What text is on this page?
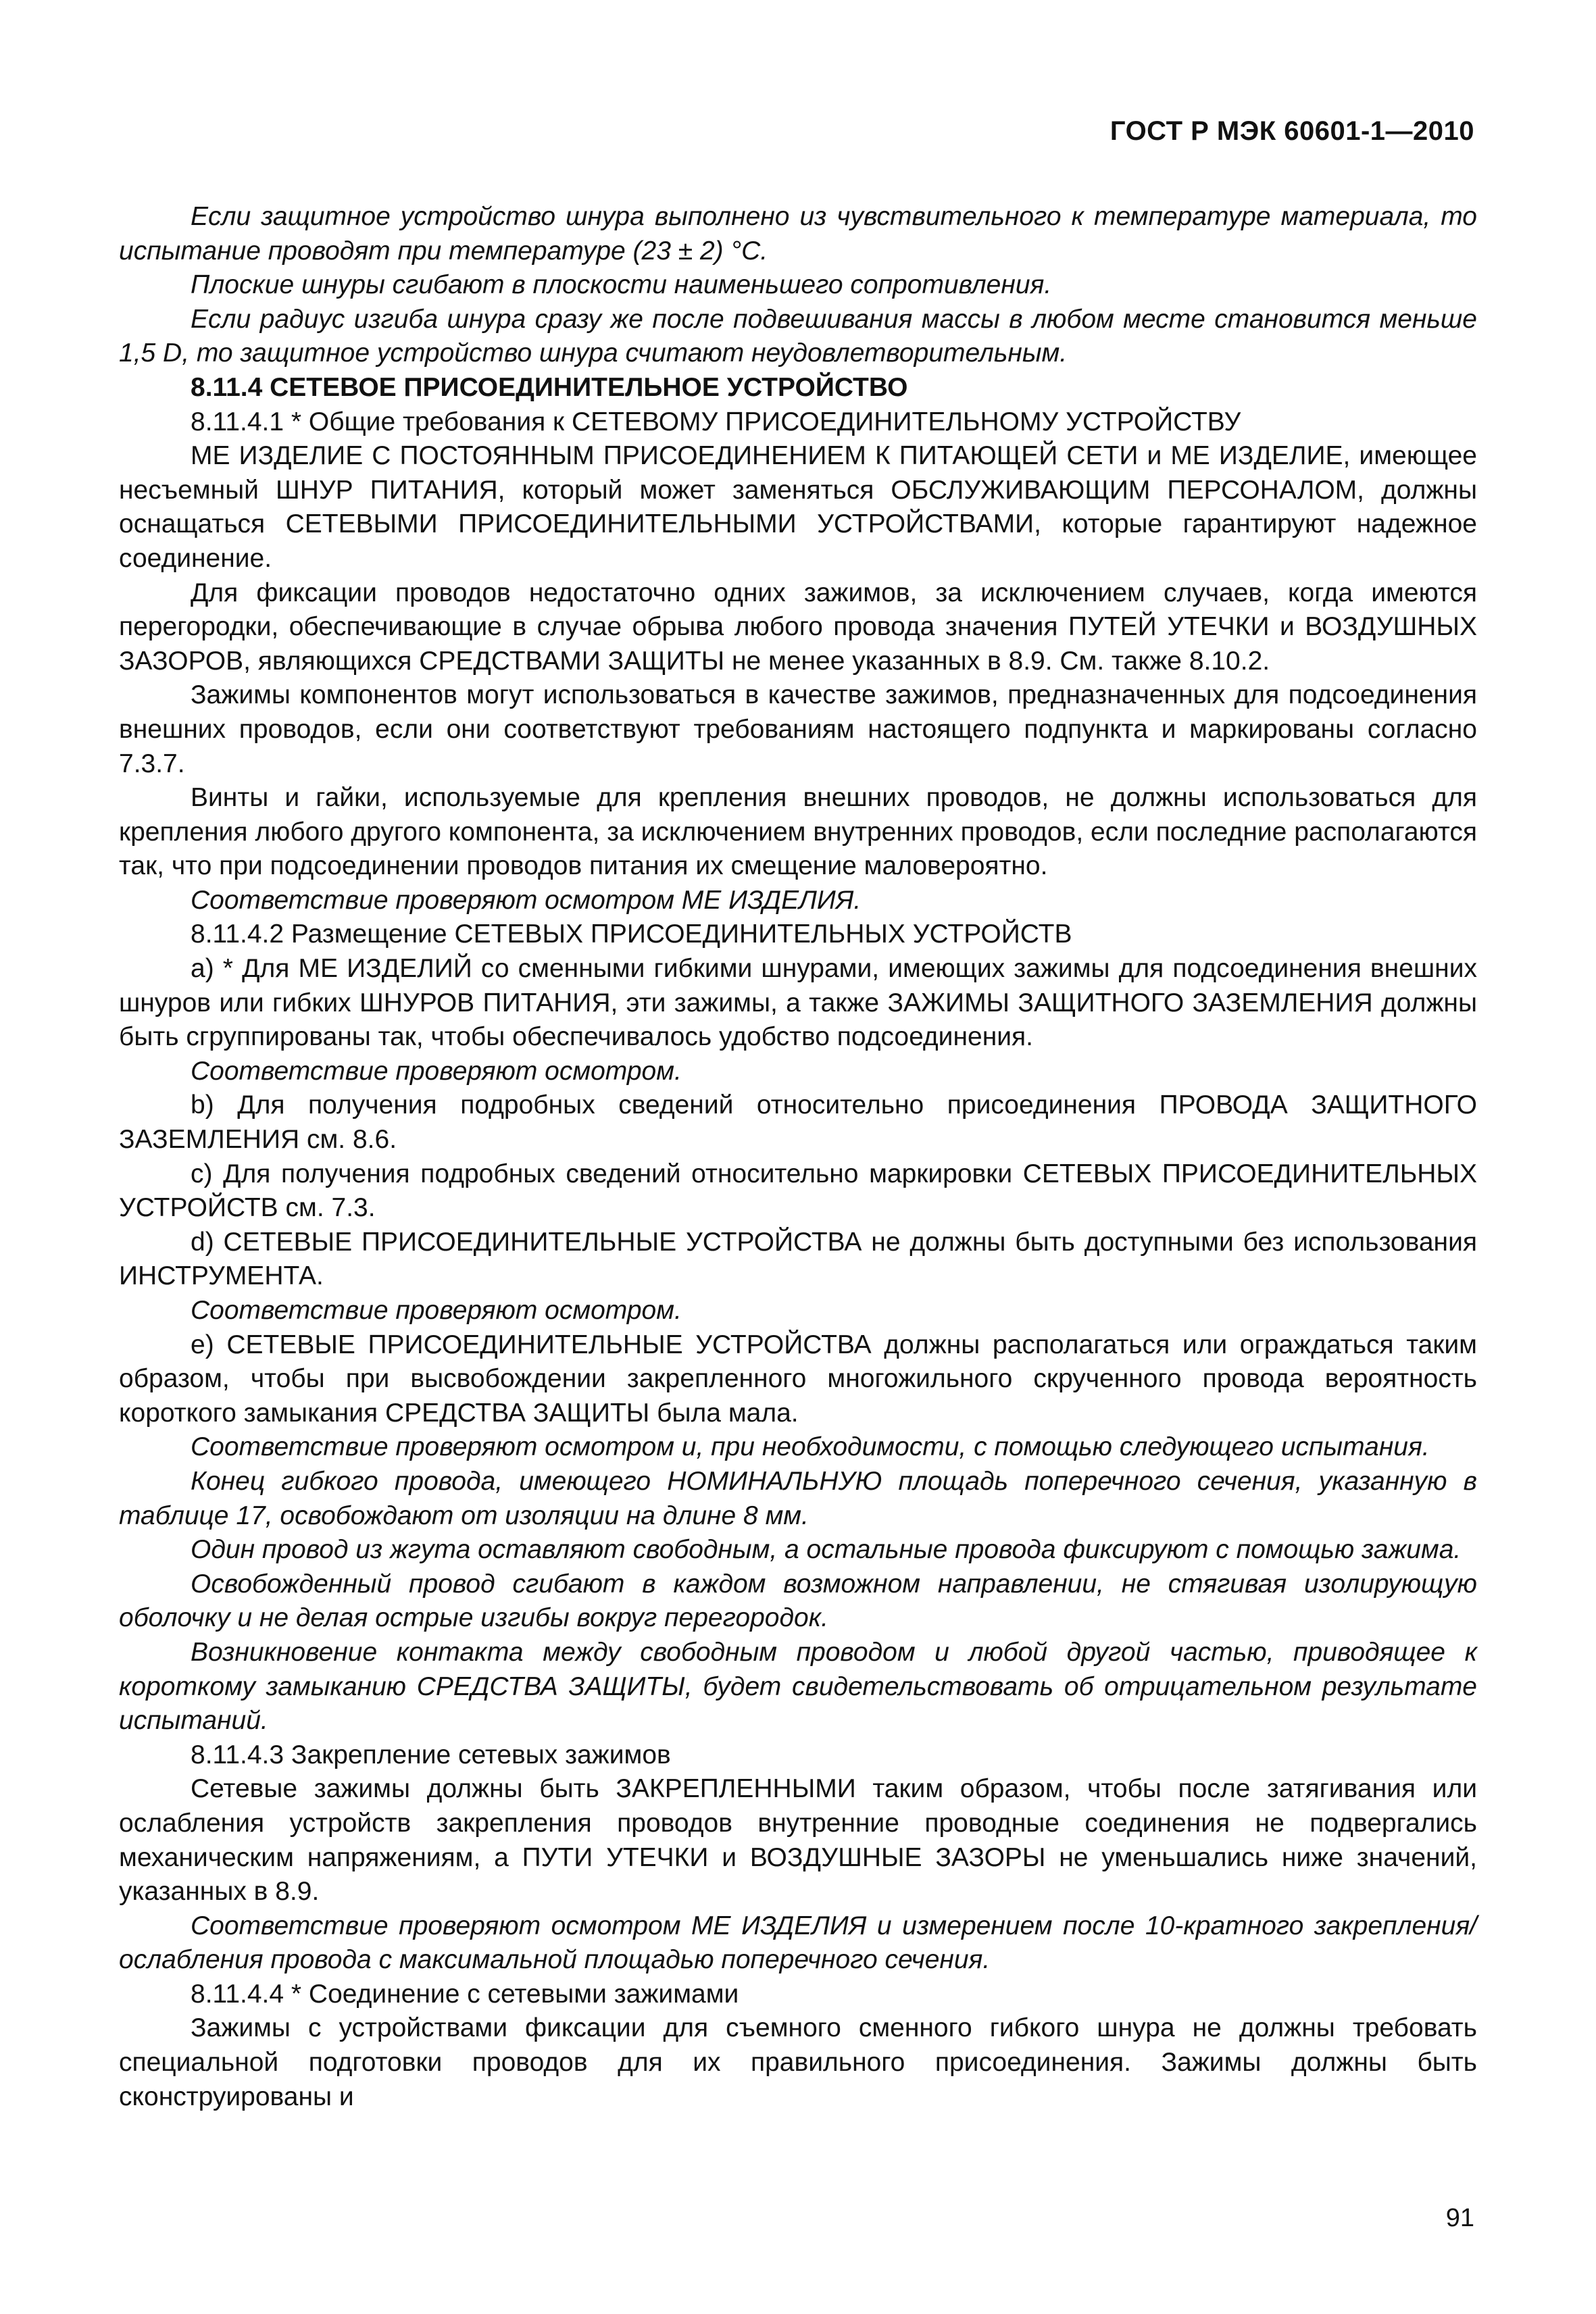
ГОСТ Р МЭК 60601-1—2010

Если защитное устройство шнура выполнено из чувствительного к температуре материала, то испытание проводят при температуре (23 ± 2) °С.

Плоские шнуры сгибают в плоскости наименьшего сопротивления.

Если радиус изгиба шнура сразу же после подвешивания массы в любом месте становится меньше 1,5 D, то защитное устройство шнура считают неудовлетворительным.

8.11.4 СЕТЕВОЕ ПРИСОЕДИНИТЕЛЬНОЕ УСТРОЙСТВО

8.11.4.1 * Общие требования к СЕТЕВОМУ ПРИСОЕДИНИТЕЛЬНОМУ УСТРОЙСТВУ

МЕ ИЗДЕЛИЕ С ПОСТОЯННЫМ ПРИСОЕДИНЕНИЕМ К ПИТАЮЩЕЙ СЕТИ и МЕ ИЗДЕЛИЕ, имеющее несъемный ШНУР ПИТАНИЯ, который может заменяться ОБСЛУЖИВАЮЩИМ ПЕРСОНАЛОМ, должны оснащаться СЕТЕВЫМИ ПРИСОЕДИНИТЕЛЬНЫМИ УСТРОЙСТВАМИ, которые гарантируют надежное соединение.

Для фиксации проводов недостаточно одних зажимов, за исключением случаев, когда имеются перегородки, обеспечивающие в случае обрыва любого провода значения ПУТЕЙ УТЕЧКИ и ВОЗДУШНЫХ ЗАЗОРОВ, являющихся СРЕДСТВАМИ ЗАЩИТЫ не менее указанных в 8.9. См. также 8.10.2.

Зажимы компонентов могут использоваться в качестве зажимов, предназначенных для подсоединения внешних проводов, если они соответствуют требованиям настоящего подпункта и маркированы согласно 7.3.7.

Винты и гайки, используемые для крепления внешних проводов, не должны использоваться для крепления любого другого компонента, за исключением внутренних проводов, если последние располагаются так, что при подсоединении проводов питания их смещение маловероятно.

Соответствие проверяют осмотром МЕ ИЗДЕЛИЯ.

8.11.4.2 Размещение СЕТЕВЫХ ПРИСОЕДИНИТЕЛЬНЫХ УСТРОЙСТВ

a) * Для МЕ ИЗДЕЛИЙ со сменными гибкими шнурами, имеющих зажимы для подсоединения внешних шнуров или гибких ШНУРОВ ПИТАНИЯ, эти зажимы, а также ЗАЖИМЫ ЗАЩИТНОГО ЗАЗЕМЛЕНИЯ должны быть сгруппированы так, чтобы обеспечивалось удобство подсоединения.

Соответствие проверяют осмотром.

b) Для получения подробных сведений относительно присоединения ПРОВОДА ЗАЩИТНОГО ЗАЗЕМЛЕНИЯ см. 8.6.

c) Для получения подробных сведений относительно маркировки СЕТЕВЫХ ПРИСОЕДИНИТЕЛЬНЫХ УСТРОЙСТВ см. 7.3.

d) СЕТЕВЫЕ ПРИСОЕДИНИТЕЛЬНЫЕ УСТРОЙСТВА не должны быть доступными без использования ИНСТРУМЕНТА.

Соответствие проверяют осмотром.

e) СЕТЕВЫЕ ПРИСОЕДИНИТЕЛЬНЫЕ УСТРОЙСТВА должны располагаться или ограждаться таким образом, чтобы при высвобождении закрепленного многожильного скрученного провода вероятность короткого замыкания СРЕДСТВА ЗАЩИТЫ была мала.

Соответствие проверяют осмотром и, при необходимости, с помощью следующего испытания.

Конец гибкого провода, имеющего НОМИНАЛЬНУЮ площадь поперечного сечения, указанную в таблице 17, освобождают от изоляции на длине 8 мм.

Один провод из жгута оставляют свободным, а остальные провода фиксируют с помощью зажима.

Освобожденный провод сгибают в каждом возможном направлении, не стягивая изолирующую оболочку и не делая острые изгибы вокруг перегородок.

Возникновение контакта между свободным проводом и любой другой частью, приводящее к короткому замыканию СРЕДСТВА ЗАЩИТЫ, будет свидетельствовать об отрицательном результате испытаний.

8.11.4.3 Закрепление сетевых зажимов

Сетевые зажимы должны быть ЗАКРЕПЛЕННЫМИ таким образом, чтобы после затягивания или ослабления устройств закрепления проводов внутренние проводные соединения не подвергались механическим напряжениям, а ПУТИ УТЕЧКИ и ВОЗДУШНЫЕ ЗАЗОРЫ не уменьшались ниже значений, указанных в 8.9.

Соответствие проверяют осмотром МЕ ИЗДЕЛИЯ и измерением после 10-кратного закрепления/ослабления провода с максимальной площадью поперечного сечения.

8.11.4.4 * Соединение с сетевыми зажимами

Зажимы с устройствами фиксации для съемного сменного гибкого шнура не должны требовать специальной подготовки проводов для их правильного присоединения. Зажимы должны быть сконструированы и

91
